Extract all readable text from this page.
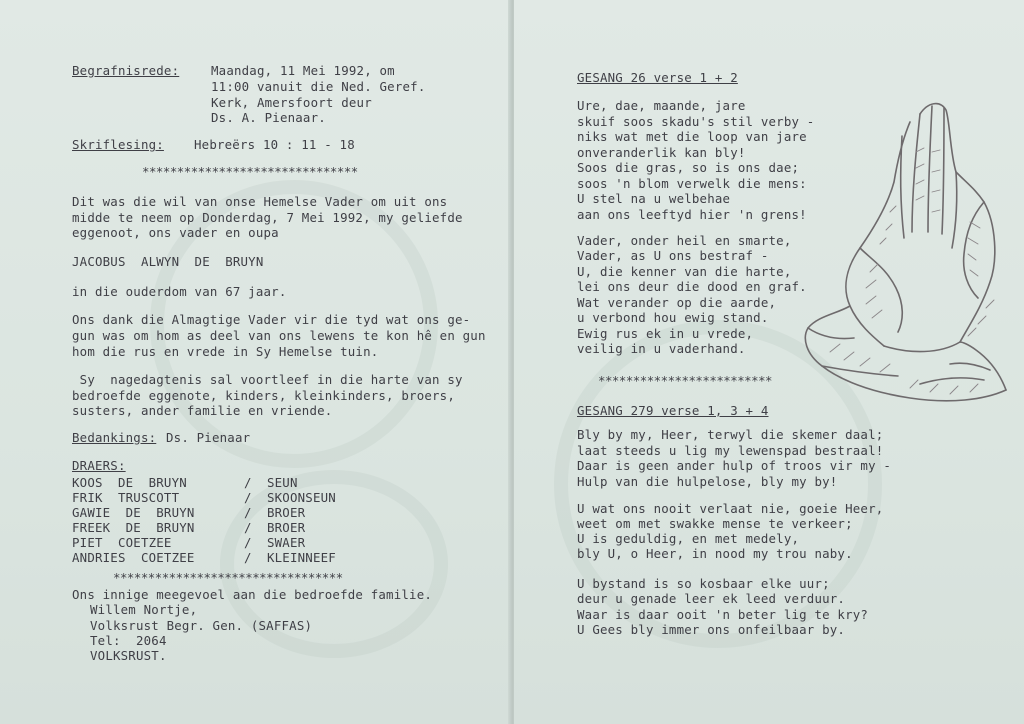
Begrafnisrede:	Maandag, 11 Mei 1992, om
11:00 vanuit die Ned. Geref.
Kerk, Amersfoort deur
Ds. A. Pienaar.
Skriflesing: Hebreërs 10 : 11 - 18
*******************************
Dit was die wil van onse Hemelse Vader om uit ons
midde te neem op Donderdag, 7 Mei 1992, my geliefde
eggenoot, ons vader en oupa
JACOBUS  ALWYN  DE  BRUYN
in die ouderdom van 67 jaar.
Ons dank die Almagtige Vader vir die tyd wat ons ge-
gun was om hom as deel van ons lewens te kon hê en gun
hom die rus en vrede in Sy Hemelse tuin.
Sy  nagedagtenis sal voortleef in die harte van sy
bedroefde eggenote, kinders, kleinkinders, broers,
susters, ander familie en vriende.
Bedankings: Ds. Pienaar
DRAERS:
KOOS  DE  BRUYN	/  SEUN
FRIK  TRUSCOTT	/  SKOONSEUN
GAWIE  DE  BRUYN	/  BROER
FREEK  DE  BRUYN	/  BROER
PIET  COETZEE	/  SWAER
ANDRIES  COETZEE	/  KLEINNEEF
*********************************
Ons innige meegevoel aan die bedroefde familie.
Willem Nortje,
Volksrust Begr. Gen. (SAFFAS)
Tel:  2064
VOLKSRUST.
GESANG 26 verse 1 + 2
Ure, dae, maande, jare
skuif soos skadu's stil verby -
niks wat met die loop van jare
onveranderlik kan bly!
Soos die gras, so is ons dae;
soos 'n blom verwelk die mens:
U stel na u welbehae
aan ons leeftyd hier 'n grens!
Vader, onder heil en smarte,
Vader, as U ons bestraf -
U, die kenner van die harte,
lei ons deur die dood en graf.
Wat verander op die aarde,
u verbond hou ewig stand.
Ewig rus ek in u vrede,
veilig in u vaderhand.
*************************
GESANG 279 verse 1, 3 + 4
Bly by my, Heer, terwyl die skemer daal;
laat steeds u lig my lewenspad bestraal!
Daar is geen ander hulp of troos vir my -
Hulp van die hulpelose, bly my by!
U wat ons nooit verlaat nie, goeie Heer,
weet om met swakke mense te verkeer;
U is geduldig, en met medely,
bly U, o Heer, in nood my trou naby.
U bystand is so kosbaar elke uur;
deur u genade leer ek leed verduur.
Waar is daar ooit 'n beter lig te kry?
U Gees bly immer ons onfeilbaar by.
